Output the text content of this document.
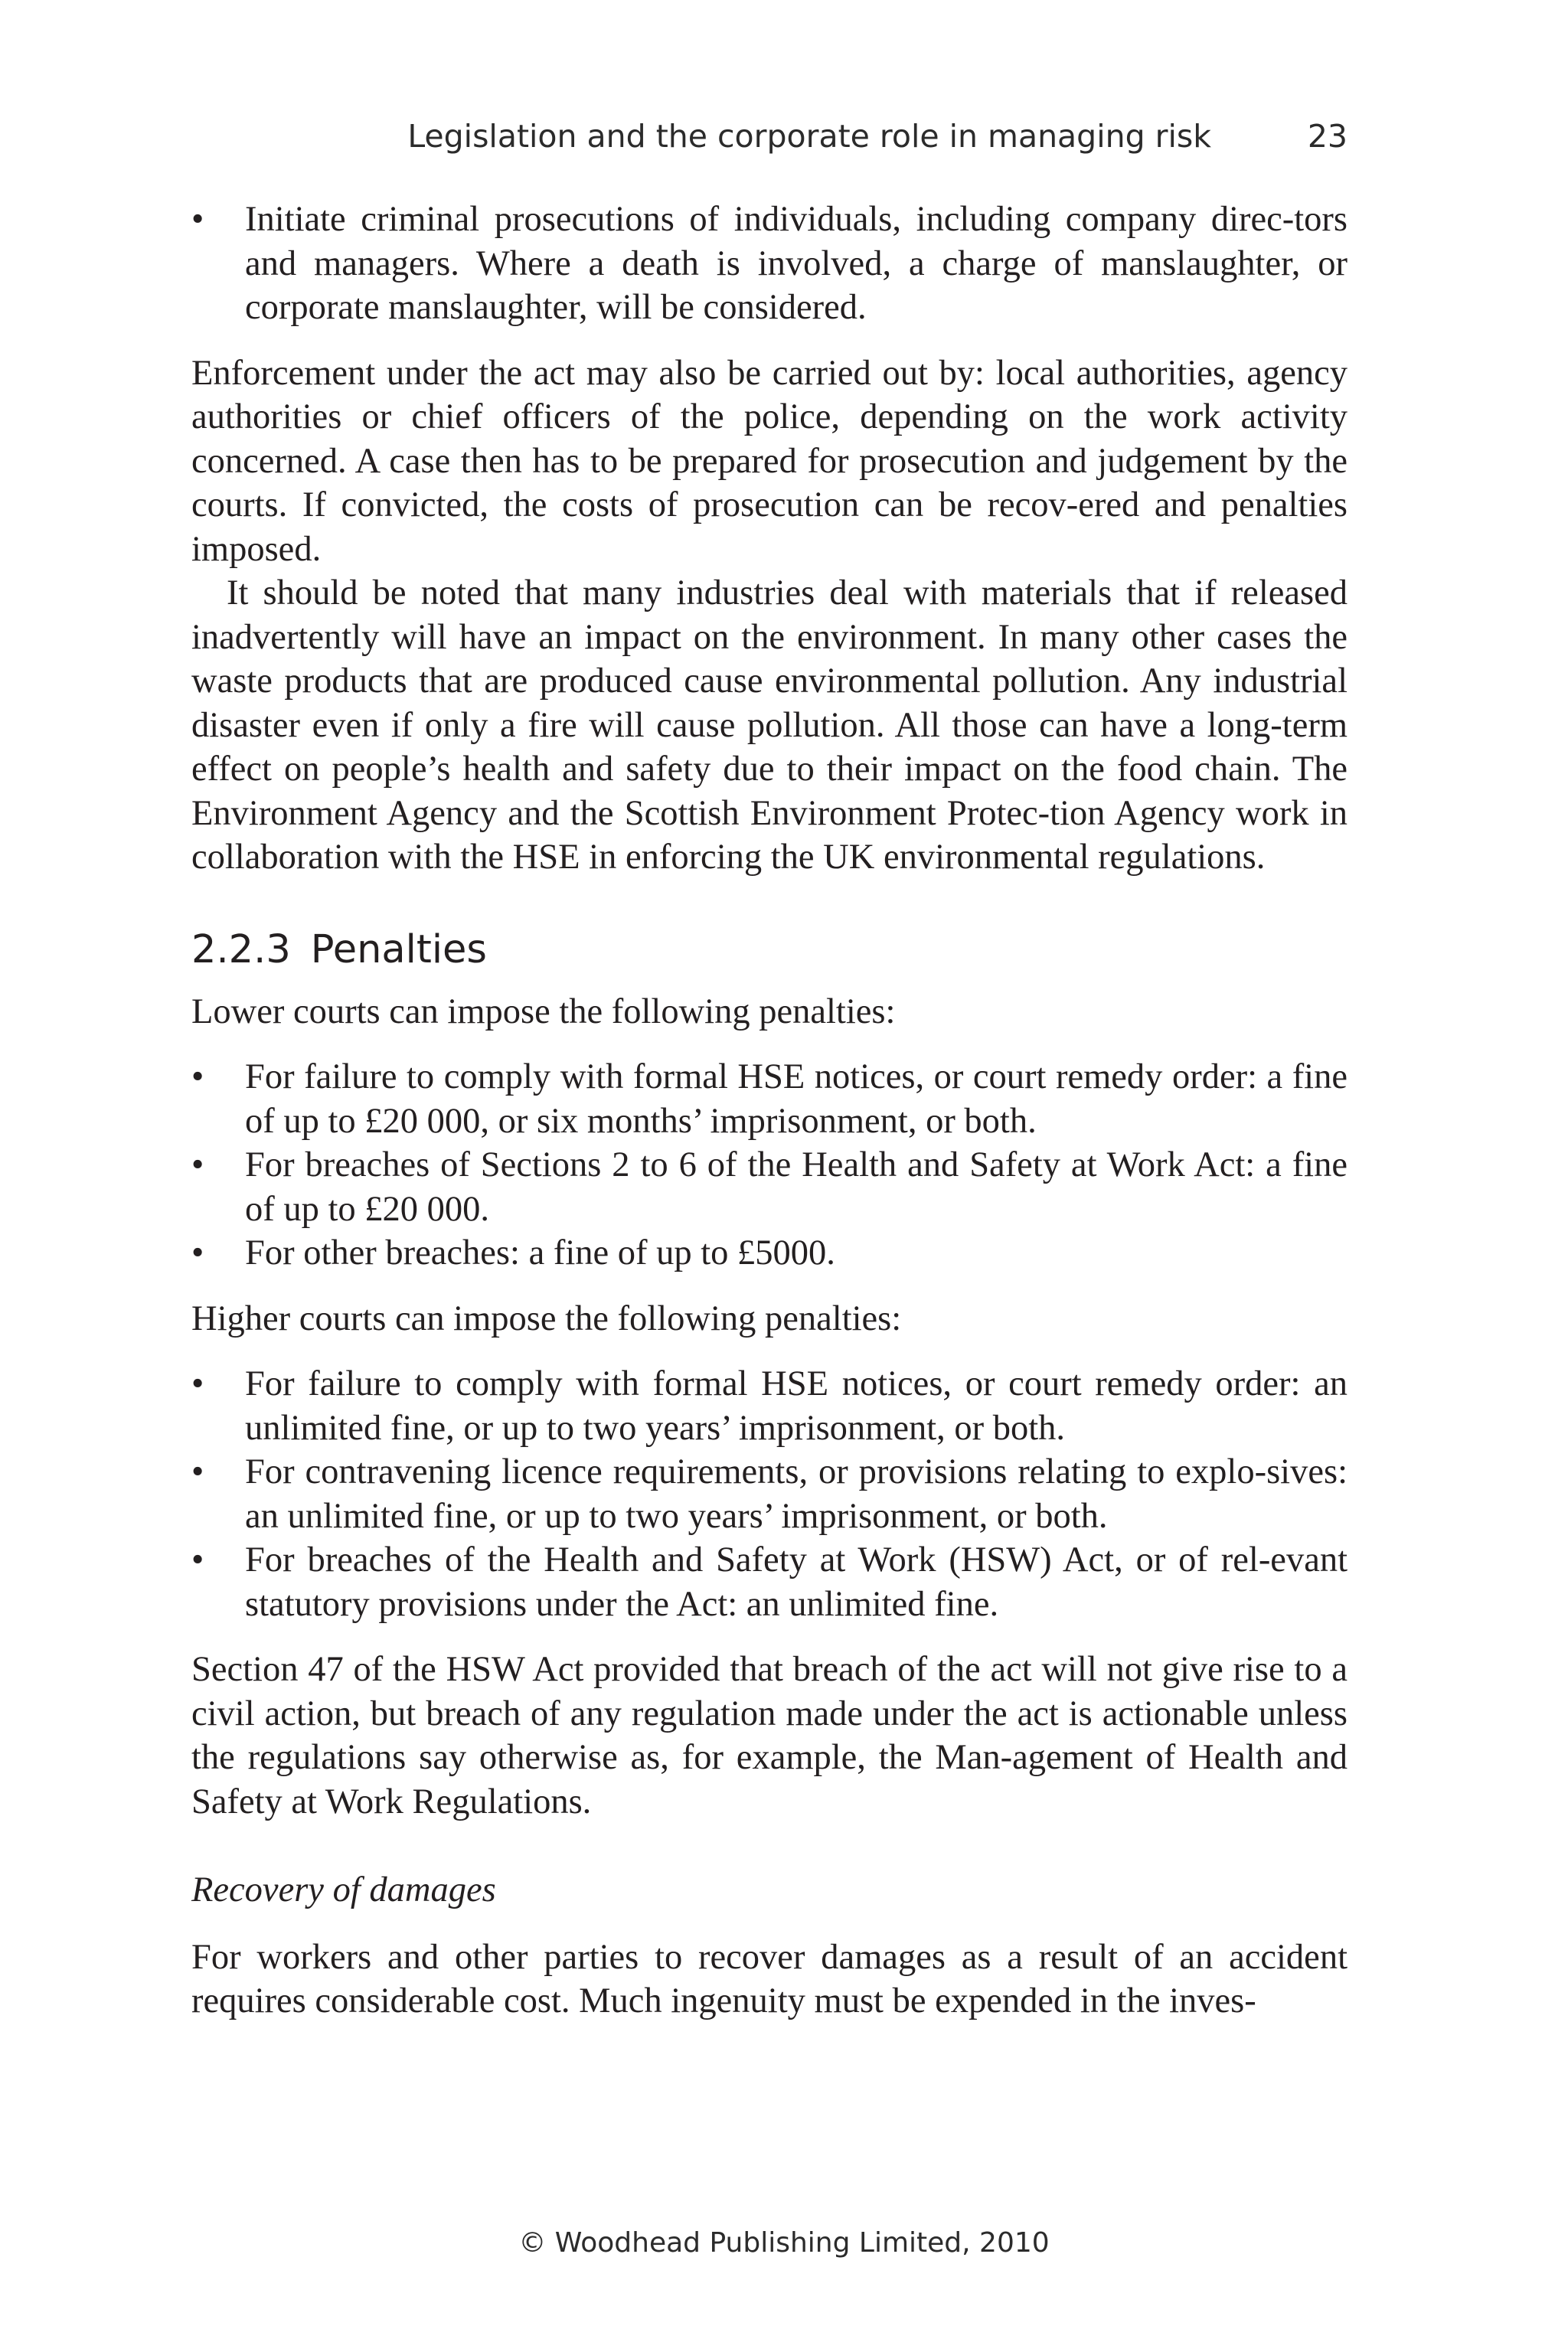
Legislation and the corporate role in managing risk	23
• Initiate criminal prosecutions of individuals, including company direc-tors and managers. Where a death is involved, a charge of manslaughter, or corporate manslaughter, will be considered.

Enforcement under the act may also be carried out by: local authorities, agency authorities or chief officers of the police, depending on the work activity concerned. A case then has to be prepared for prosecution and judgement by the courts. If convicted, the costs of prosecution can be recov-ered and penalties imposed.

It should be noted that many industries deal with materials that if released inadvertently will have an impact on the environment. In many other cases the waste products that are produced cause environmental pollution. Any industrial disaster even if only a fire will cause pollution. All those can have a long-term effect on people’s health and safety due to their impact on the food chain. The Environment Agency and the Scottish Environment Protec-tion Agency work in collaboration with the HSE in enforcing the UK environmental regulations.

2.2.3 Penalties

Lower courts can impose the following penalties:

• For failure to comply with formal HSE notices, or court remedy order: a fine of up to £20 000, or six months’ imprisonment, or both.
• For breaches of Sections 2 to 6 of the Health and Safety at Work Act: a fine of up to £20 000.
• For other breaches: a fine of up to £5000.

Higher courts can impose the following penalties:

• For failure to comply with formal HSE notices, or court remedy order: an unlimited fine, or up to two years’ imprisonment, or both.
• For contravening licence requirements, or provisions relating to explo-sives: an unlimited fine, or up to two years’ imprisonment, or both.
• For breaches of the Health and Safety at Work (HSW) Act, or of rel-evant statutory provisions under the Act: an unlimited fine.

Section 47 of the HSW Act provided that breach of the act will not give rise to a civil action, but breach of any regulation made under the act is actionable unless the regulations say otherwise as, for example, the Man-agement of Health and Safety at Work Regulations.

Recovery of damages

For workers and other parties to recover damages as a result of an accident requires considerable cost. Much ingenuity must be expended in the inves-

© Woodhead Publishing Limited, 2010
